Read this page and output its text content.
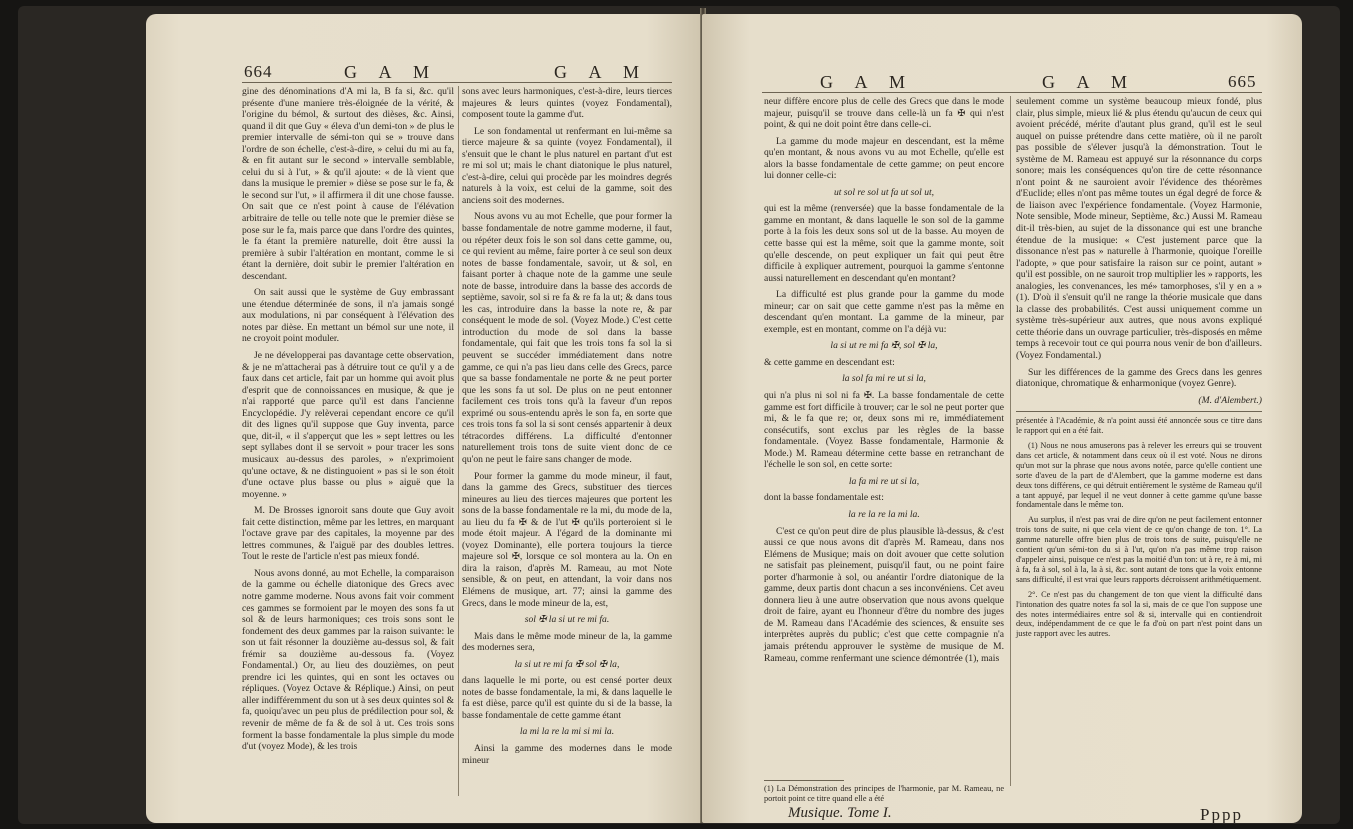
664	G A M	G A M

gine des dénominations d'A mi la, B fa si, &c. qu'il présente d'une maniere très-éloignée de la vérité, & l'origine du bémol, & surtout des dièses, &c. Ainsi, quand il dit que Guy « éleva d'un demi-ton » de plus le premier intervalle de sémi-ton qui se » trouve dans l'ordre de son échelle, c'est-à-dire, » celui du mi au fa, & en fit autant sur le second » intervalle semblable, celui du si à l'ut, » & qu'il ajoute: « de là vient que dans la musique le premier » dièse se pose sur le fa, & le second sur l'ut, » il affirmera il dit une chose fausse. On sait que ce n'est point à cause de l'élévation arbitraire de telle ou telle note que le premier dièse se pose sur le fa, mais parce que dans l'ordre des quintes, le fa étant la première naturelle, doit être aussi la première à subir l'altération en montant, comme le si étant la dernière, doit subir le premier l'altération en descendant.

On sait aussi que le système de Guy embrassant une étendue déterminée de sons, il n'a jamais songé aux modulations, ni par conséquent à l'élévation des notes par dièse. En mettant un bémol sur une note, il ne croyoit point moduler.

Je ne développerai pas davantage cette observation, & je ne m'attacherai pas à détruire tout ce qu'il y a de faux dans cet article, fait par un homme qui avoit plus d'esprit que de connoissances en musique, & que je n'ai rapporté que parce qu'il est dans l'ancienne Encyclopédie. J'y relèverai cependant encore ce qu'il dit des lignes qu'il suppose que Guy inventa, parce que, dit-il, « il s'apperçut que les » sept lettres ou les sept syllabes dont il se servoit » pour tracer les sons musicaux au-dessus des paroles, » n'exprimoient qu'une octave, & ne distinguoient » pas si le son étoit d'une octave plus basse ou plus » aiguë que la moyenne. »

M. De Brosses ignoroit sans doute que Guy avoit fait cette distinction, même par les lettres, en marquant l'octave grave par des capitales, la moyenne par des lettres communes, & l'aiguë par des doubles lettres. Tout le reste de l'article n'est pas mieux fondé.

Nous avons donné, au mot Echelle, la comparaison de la gamme ou échelle diatonique des Grecs avec notre gamme moderne. Nous avons fait voir comment ces gammes se formoient par le moyen des sons fa ut sol & de leurs harmoniques; ces trois sons sont le fondement des deux gammes par la raison suivante: le son ut fait résonner la douzième au-dessus sol, & fait frémir sa douzième au-dessous fa. (Voyez Fondamental.) Or, au lieu des douzièmes, on peut prendre ici les quintes, qui en sont les octaves ou répliques. (Voyez Octave & Réplique.) Ainsi, on peut aller indifféremment du son ut à ses deux quintes sol & fa, quoiqu'avec un peu plus de prédilection pour sol, & revenir de même de fa & de sol à ut. Ces trois sons forment la basse fondamentale la plus simple du mode d'ut (voyez Mode), & les trois

sons avec leurs harmoniques, c'est-à-dire, leurs tierces majeures & leurs quintes (voyez Fondamental), composent toute la gamme d'ut.

Le son fondamental ut renfermant en lui-même sa tierce majeure & sa quinte (voyez Fondamental), il s'ensuit que le chant le plus naturel en partant d'ut est re mi sol ut; mais le chant diatonique le plus naturel, c'est-à-dire, celui qui procède par les moindres degrés naturels à la voix, est celui de la gamme, soit des anciens soit des modernes.

Nous avons vu au mot Echelle, que pour former la basse fondamentale de notre gamme moderne, il faut, ou répéter deux fois le son sol dans cette gamme, ou, ce qui revient au même, faire porter à ce seul son deux notes de basse fondamentale, savoir, ut & sol, en faisant porter à chaque note de la gamme une seule note de basse, introduire dans la basse des accords de septième, savoir, sol si re fa & re fa la ut; & dans tous les cas, introduire dans la basse la note re, & par conséquent le mode de sol. (Voyez Mode.) C'est cette introduction du mode de sol dans la basse fondamentale, qui fait que les trois tons fa sol la si peuvent se succéder immédiatement dans notre gamme, ce qui n'a pas lieu dans celle des Grecs, parce que sa basse fondamentale ne porte & ne peut porter que les sons fa ut sol. De plus on ne peut entonner facilement ces trois tons qu'à la faveur d'un repos exprimé ou sous-entendu après le son fa, en sorte que ces trois tons fa sol la si sont censés appartenir à deux tétracordes différens. La difficulté d'entonner naturellement trois tons de suite vient donc de ce qu'on ne peut le faire sans changer de mode.

Pour former la gamme du mode mineur, il faut, dans la gamme des Grecs, substituer des tierces mineures au lieu des tierces majeures que portent les sons de la basse fondamentale re la mi, du mode de la, au lieu du fa ✠ & de l'ut ✠ qu'ils porteroient si le mode étoit majeur. A l'égard de la dominante mi (voyez Dominante), elle portera toujours la tierce majeure sol ✠, lorsque ce sol montera au la. On en dira la raison, d'après M. Rameau, au mot Note sensible, & on peut, en attendant, la voir dans nos Elémens de musique, art. 77; ainsi la gamme des Grecs, dans le mode mineur de la, est,

sol ✠ la si ut re mi fa.

Mais dans le même mode mineur de la, la gamme des modernes sera,

la si ut re mi fa ✠ sol ✠ la,

dans laquelle le mi porte, ou est censé porter deux notes de basse fondamentale, la mi, & dans laquelle le fa est dièse, parce qu'il est quinte du si de la basse, la basse fondamentale de cette gamme étant

la mi la re la mi si mi la.

Ainsi la gamme des modernes dans le mode mineur

G A M	G A M	665

neur diffère encore plus de celle des Grecs que dans le mode majeur, puisqu'il se trouve dans celle-là un fa ✠ qui n'est point, & qui ne doit point être dans celle-ci.

La gamme du mode majeur en descendant, est la même qu'en montant, & nous avons vu au mot Echelle, qu'elle est alors la basse fondamentale de cette gamme; on peut encore lui donner celle-ci:

ut sol re sol ut fa ut sol ut,

qui est la même (renversée) que la basse fondamentale de la gamme en montant, & dans laquelle le son sol de la gamme porte à la fois les deux sons sol ut de la basse. Au moyen de cette basse qui est la même, soit que la gamme monte, soit qu'elle descende, on peut expliquer un fait qui peut être difficile à expliquer autrement, pourquoi la gamme s'entonne aussi naturellement en descendant qu'en montant?

La difficulté est plus grande pour la gamme du mode mineur; car on sait que cette gamme n'est pas la même en descendant qu'en montant. La gamme de la mineur, par exemple, est en montant, comme on l'a déjà vu:

la si ut re mi fa ✠, sol ✠ la,

& cette gamme en descendant est:

la sol fa mi re ut si la,

qui n'a plus ni sol ni fa ✠. La basse fondamentale de cette gamme est fort difficile à trouver; car le sol ne peut porter que mi, & le fa que re; or, deux sons mi re, immédiatement consécutifs, sont exclus par les règles de la basse fondamentale. (Voyez Basse fondamentale, Harmonie & Mode.) M. Rameau détermine cette basse en retranchant de l'échelle le son sol, en cette sorte:

la fa mi re ut si la,

dont la basse fondamentale est:

la re la re la mi la.

C'est ce qu'on peut dire de plus plausible là-dessus, & c'est aussi ce que nous avons dit d'après M. Rameau, dans nos Elémens de Musique; mais on doit avouer que cette solution ne satisfait pas pleinement, puisqu'il faut, ou ne point faire porter d'harmonie à sol, ou anéantir l'ordre diatonique de la gamme, deux partis dont chacun a ses inconvéniens. Cet aveu donnera lieu à une autre observation que nous avons quelque droit de faire, ayant eu l'honneur d'être du nombre des juges de M. Rameau dans l'Académie des sciences, & ensuite ses interprètes auprès du public; c'est que cette compagnie n'a jamais prétendu approuver le système de musique de M. Rameau, comme renfermant une science démontrée (1), mais

(1) La Démonstration des principes de l'harmonie, par M. Rameau, ne portoit point ce titre quand elle a été
Musique. Tome I.

seulement comme un système beaucoup mieux fondé, plus clair, plus simple, mieux lié & plus étendu qu'aucun de ceux qui avoient précédé, mérite d'autant plus grand, qu'il est le seul auquel on puisse prétendre dans cette matière, où il ne paroît pas possible de s'élever jusqu'à la démonstration. Tout le système de M. Rameau est appuyé sur la résonnance du corps sonore; mais les conséquences qu'on tire de cette résonnance n'ont point & ne sauroient avoir l'évidence des théorèmes d'Euclide; elles n'ont pas même toutes un égal degré de force & de liaison avec l'expérience fondamentale. (Voyez Harmonie, Note sensible, Mode mineur, Septième, &c.) Aussi M. Rameau dit-il très-bien, au sujet de la dissonance qui est une branche étendue de la musique: « C'est justement parce que la dissonance n'est pas » naturelle à l'harmonie, quoique l'oreille l'adopte, » que pour satisfaire la raison sur ce point, autant » qu'il est possible, on ne sauroit trop multiplier les » rapports, les analogies, les convenances, les mé» tamorphoses, s'il y en a » (1). D'où il s'ensuit qu'il ne range la théorie musicale que dans la classe des probabilités. C'est aussi uniquement comme un système très-supérieur aux autres, que nous avons expliqué cette théorie dans un ouvrage particulier, très-disposés en même temps à recevoir tout ce qui pourra nous venir de bon d'ailleurs. (Voyez Fondamental.)

Sur les différences de la gamme des Grecs dans les genres diatonique, chromatique & enharmonique (voyez Genre).

(M. d'Alembert.)

présentée à l'Académie, & n'a point aussi été annoncée sous ce titre dans le rapport qui en a été fait.

(1) Nous ne nous amuserons pas à relever les erreurs qui se trouvent dans cet article, & notamment dans ceux où il est voté. Nous ne dirons qu'un mot sur la phrase que nous avons notée, parce qu'elle contient une sorte d'aveu de la part de d'Alembert, que la gamme moderne est dans deux tons différens, ce qui détruit entièrement le système de Rameau qu'il a tant appuyé, par lequel il ne veut donner à cette gamme qu'une basse fondamentale dans le même ton.

Au surplus, il n'est pas vrai de dire qu'on ne peut facilement entonner trois tons de suite, ni que cela vient de ce qu'on change de ton. 1°. La gamme naturelle offre bien plus de trois tons de suite, puisqu'elle ne contient qu'un sémi-ton du si à l'ut, qu'on n'a pas même trop raison d'appeler ainsi, puisque ce n'est pas la moitié d'un ton: ut à re, re à mi, mi à fa, fa à sol, sol à la, la à si, &c. sont autant de tons que la voix entonne sans difficulté, il est vrai que leurs rapports décroissent arithmétiquement.

2°. Ce n'est pas du changement de ton que vient la difficulté dans l'intonation des quatre notes fa sol la si, mais de ce que l'on suppose une des notes intermédiaires entre sol & si, intervalle qui en contiendroit deux, indépendamment de ce que le fa d'où on part n'est point dans un juste rapport avec les autres.

Pppp
